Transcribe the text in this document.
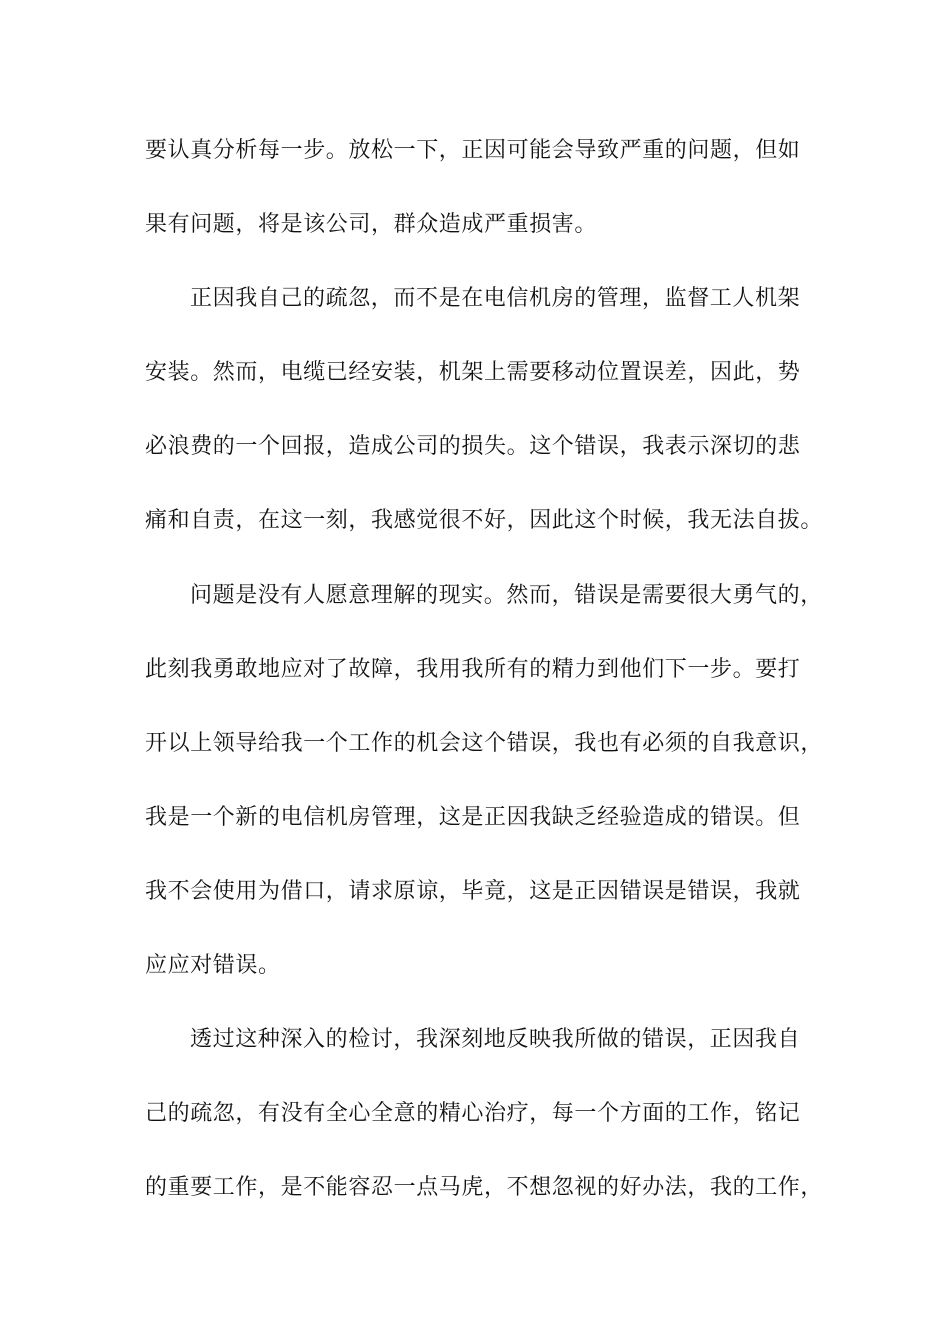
要认真分析每一步。放松一下，正因可能会导致严重的问题，但如
果有问题，将是该公司，群众造成严重损害。
正因我自己的疏忽，而不是在电信机房的管理，监督工人机架
安装。然而，电缆已经安装，机架上需要移动位置误差，因此，势
必浪费的一个回报，造成公司的损失。这个错误，我表示深切的悲
痛和自责，在这一刻，我感觉很不好，因此这个时候，我无法自拔。
问题是没有人愿意理解的现实。然而，错误是需要很大勇气的，
此刻我勇敢地应对了故障，我用我所有的精力到他们下一步。要打
开以上领导给我一个工作的机会这个错误，我也有必须的自我意识，
我是一个新的电信机房管理，这是正因我缺乏经验造成的错误。但
我不会使用为借口，请求原谅，毕竟，这是正因错误是错误，我就
应应对错误。
透过这种深入的检讨，我深刻地反映我所做的错误，正因我自
己的疏忽，有没有全心全意的精心治疗，每一个方面的工作，铭记
的重要工作，是不能容忍一点马虎，不想忽视的好办法，我的工作，
